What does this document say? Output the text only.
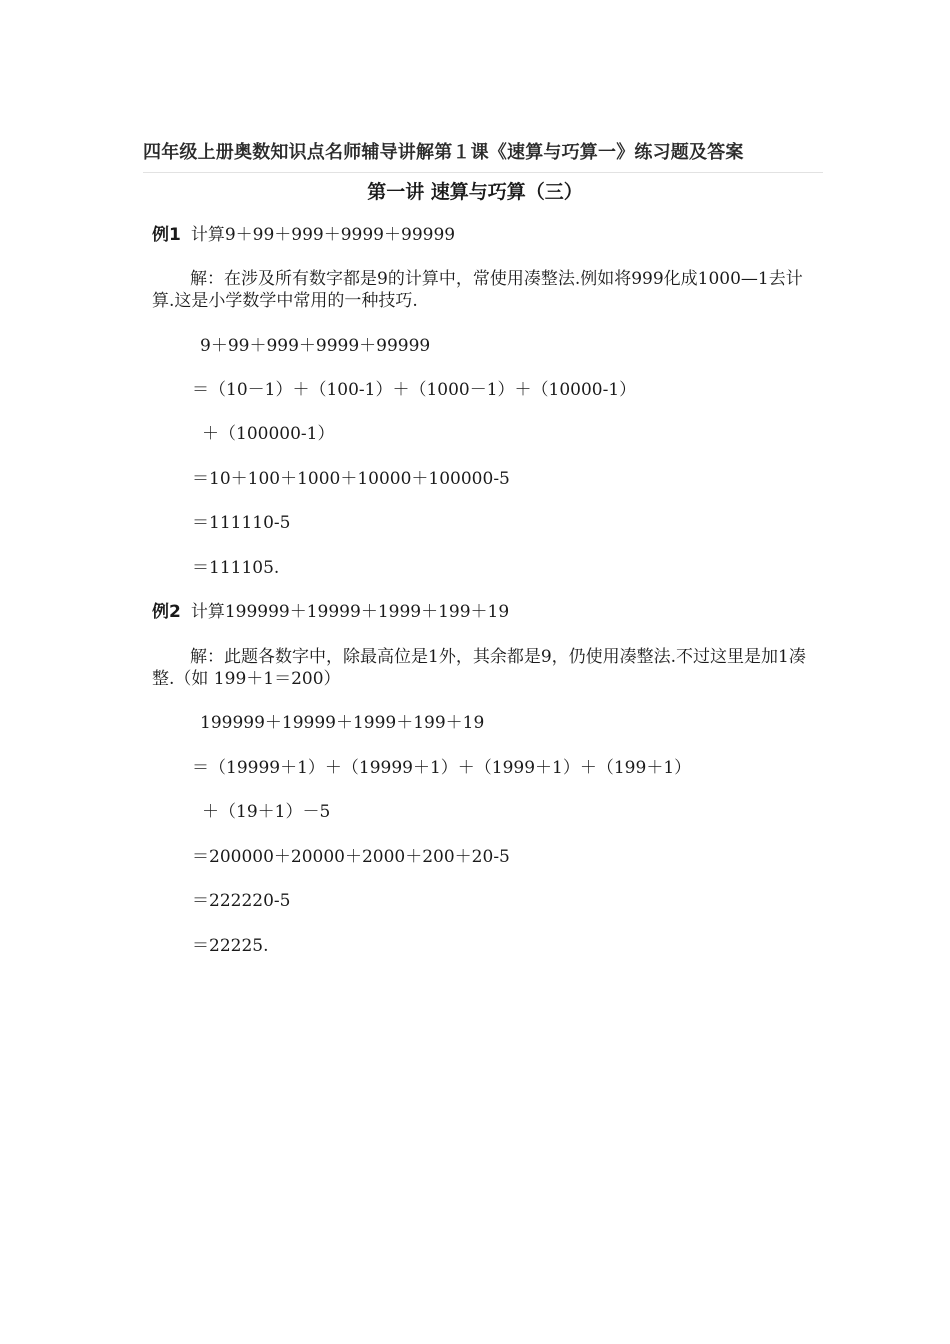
四年级上册奥数知识点名师辅导讲解第１课《速算与巧算一》练习题及答案
第一讲 速算与巧算（三）
例1 计算9＋99＋999＋9999＋99999
解：在涉及所有数字都是9的计算中，常使用凑整法.例如将999化成1000—1去计算.这是小学数学中常用的一种技巧.
9＋99＋999＋9999＋99999
＝（10－1）＋（100-1）＋（1000－1）＋（10000-1）
＋（100000-1）
＝10＋100＋1000＋10000＋100000-5
＝111110-5
＝111105.
例2 计算199999＋19999＋1999＋199＋19
解：此题各数字中，除最高位是1外，其余都是9，仍使用凑整法.不过这里是加1凑整.（如 199＋1＝200）
199999＋19999＋1999＋199＋19
＝（19999＋1）＋（19999＋1）＋（1999＋1）＋（199＋1）
＋（19＋1）－5
＝200000＋20000＋2000＋200＋20-5
＝222220-5
＝22225.
